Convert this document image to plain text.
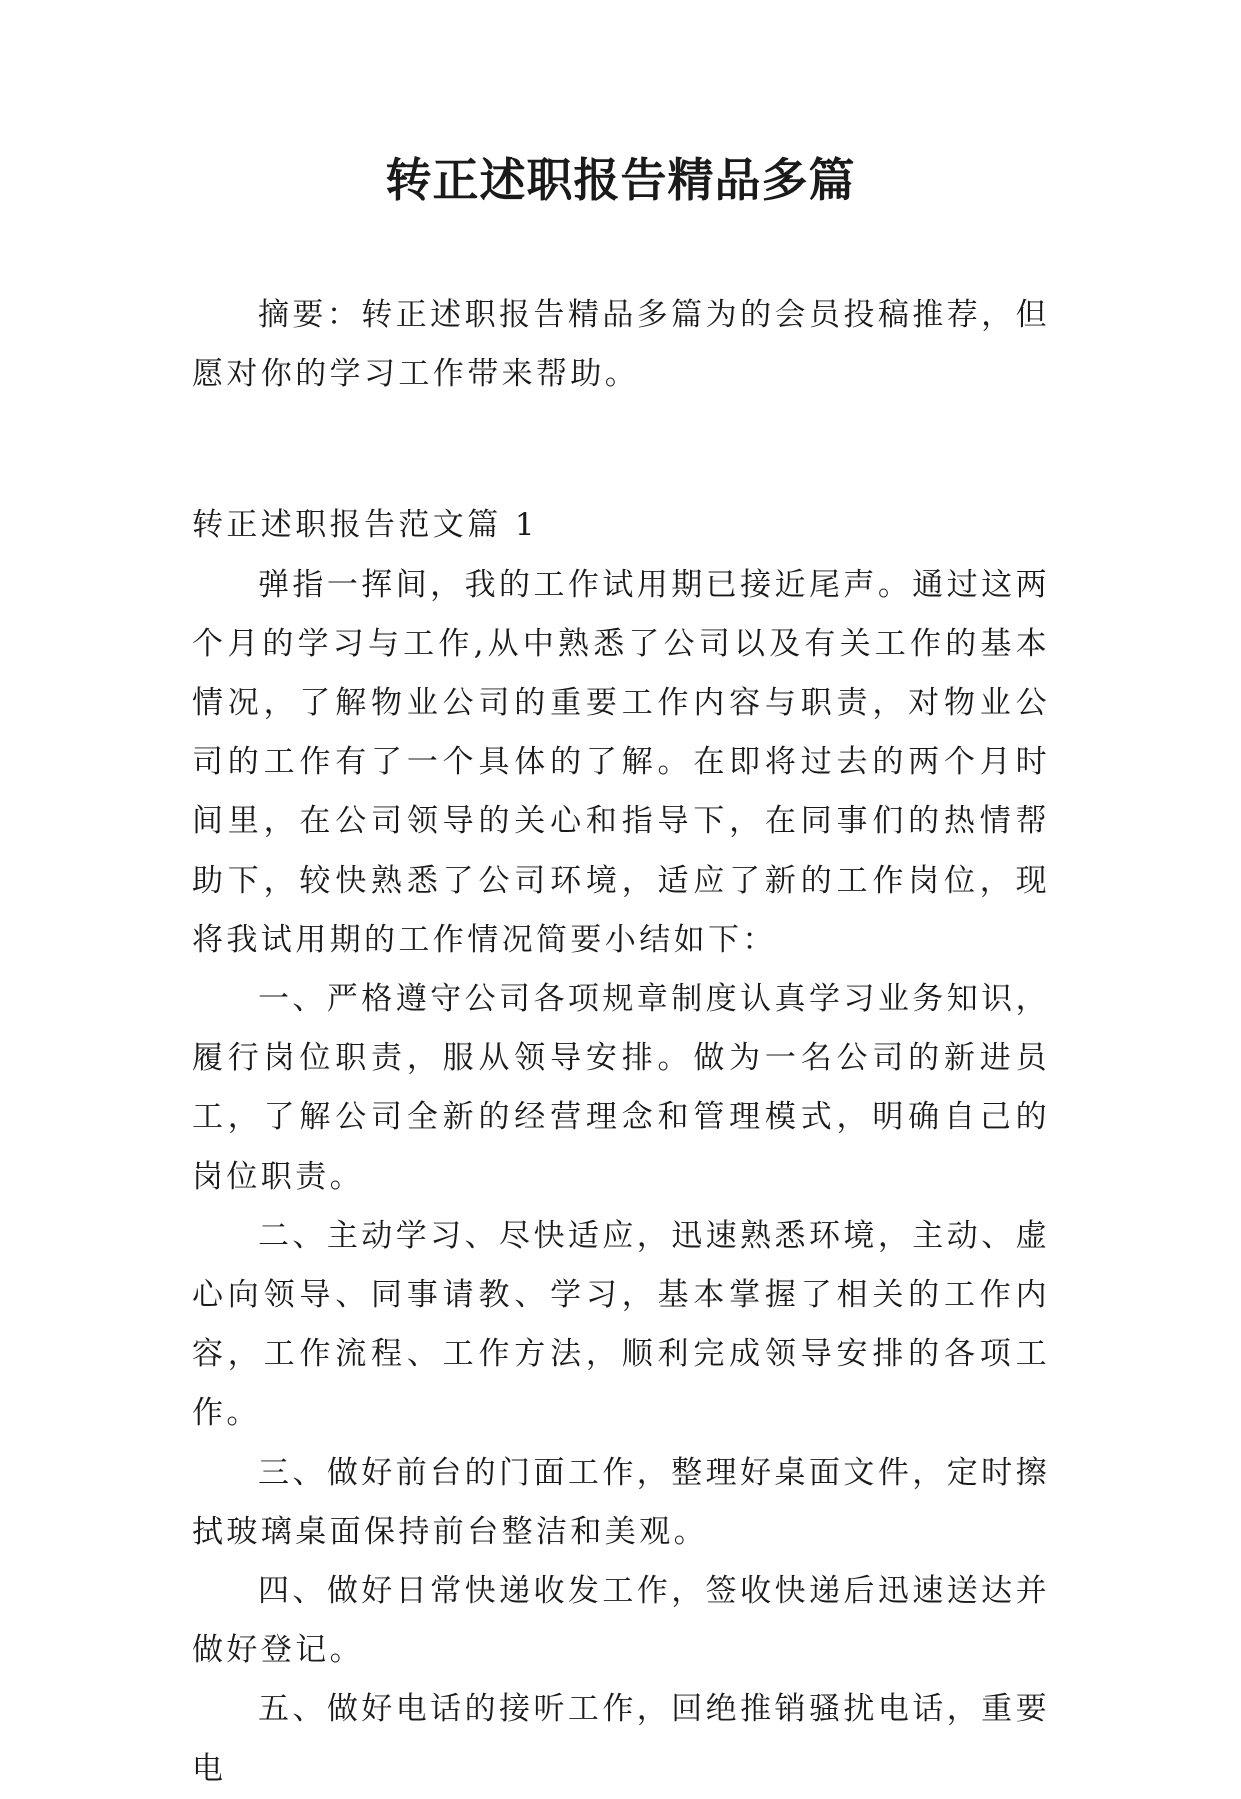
转正述职报告精品多篇

摘要：转正述职报告精品多篇为的会员投稿推荐，但愿对你的学习工作带来帮助。

转正述职报告范文篇 1

弹指一挥间，我的工作试用期已接近尾声。通过这两个月的学习与工作,从中熟悉了公司以及有关工作的基本情况，了解物业公司的重要工作内容与职责，对物业公司的工作有了一个具体的了解。在即将过去的两个月时间里，在公司领导的关心和指导下，在同事们的热情帮助下，较快熟悉了公司环境，适应了新的工作岗位，现将我试用期的工作情况简要小结如下：

一、严格遵守公司各项规章制度认真学习业务知识，履行岗位职责，服从领导安排。做为一名公司的新进员工，了解公司全新的经营理念和管理模式，明确自己的岗位职责。

二、主动学习、尽快适应，迅速熟悉环境，主动、虚心向领导、同事请教、学习，基本掌握了相关的工作内容，工作流程、工作方法，顺利完成领导安排的各项工作。

三、做好前台的门面工作，整理好桌面文件，定时擦拭玻璃桌面保持前台整洁和美观。

四、做好日常快递收发工作，签收快递后迅速送达并做好登记。

五、做好电话的接听工作，回绝推销骚扰电话，重要电
